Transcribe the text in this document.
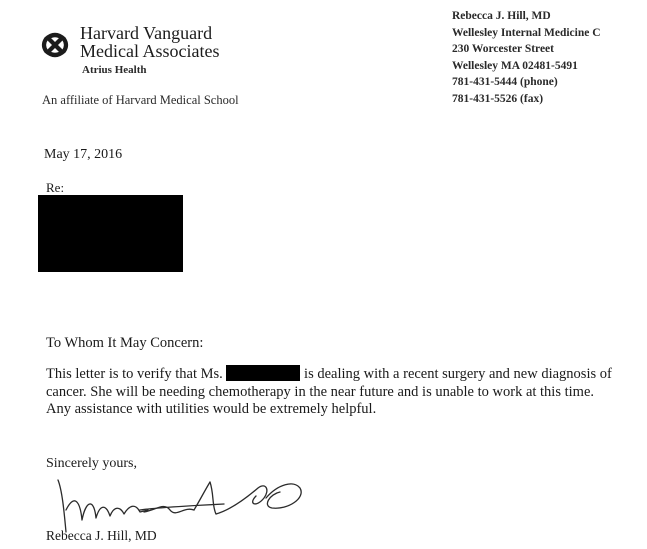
Harvard Vanguard
Medical Associates
Atrius Health
An affiliate of Harvard Medical School
Rebecca J. Hill, MD
Wellesley Internal Medicine C
230 Worcester Street
Wellesley MA 02481-5491
781-431-5444 (phone)
781-431-5526 (fax)
May 17, 2016
Re:
To Whom It May Concern:
This letter is to verify that Ms.	is dealing with a recent surgery and new diagnosis of
cancer. She will be needing chemotherapy in the near future and is unable to work at this time.
Any assistance with utilities would be extremely helpful.
Sincerely yours,
Rebecca J. Hill, MD
